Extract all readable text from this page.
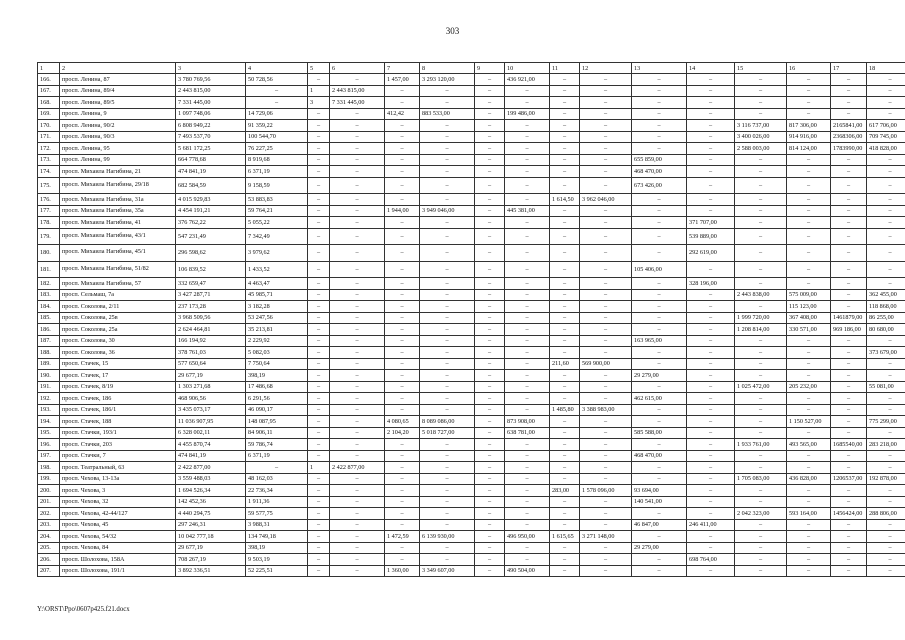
303
1	2	3	4	5	6	7	8	9	10	11	12	13	14	15	16	17	18
166.	просп. Ленина, 87	3 780 769,56	50 728,56	–	–	1 457,00	3 293 120,00	–	436 921,00	–	–	–	–	–	–	–	–
167.	просп. Ленина, 89/4	2 443 815,00	–	1	2 443 815,00	–	–	–	–	–	–	–	–	–	–	–	–
168.	просп. Ленина, 89/5	7 331 445,00	–	3	7 331 445,00	–	–	–	–	–	–	–	–	–	–	–	–
169.	просп. Ленина, 9	1 097 748,06	14 729,06	–	–	412,42	883 533,00	–	199 486,00	–	–	–	–	–	–	–	–
170.	просп. Ленина, 90/2	6 808 949,22	91 359,22	–	–	–	–	–	–	–	–	–	–	3 116 737,00	817 306,00	2165841,00	617 706,00
171.	просп. Ленина, 90/3	7 493 537,70	100 544,70	–	–	–	–	–	–	–	–	–	–	3 400 026,00	914 916,00	2368306,00	709 745,00
172.	просп. Ленина, 95	5 681 172,25	76 227,25	–	–	–	–	–	–	–	–	–	–	2 588 003,00	814 124,00	1783990,00	418 828,00
173.	просп. Ленина, 99	664 778,68	8 919,68	–	–	–	–	–	–	–	–	655 859,00	–	–	–	–	–
174.	просп. Михаила Нагибина, 21	474 841,19	6 371,19	–	–	–	–	–	–	–	–	468 470,00	–	–	–	–	–
175.	просп. Михаила Нагибина, 29/18	682 584,59	9 158,59	–	–	–	–	–	–	–	–	673 426,00	–	–	–	–	–
176.	просп. Михаила Нагибина, 31а	4 015 929,83	53 883,83	–	–	–	–	–	–	1 614,50	3 962 046,00	–	–	–	–	–	–
177.	просп. Михаила Нагибина, 35а	4 454 191,21	59 764,21	–	–	1 944,00	3 949 046,00	–	445 381,00	–	–	–	–	–	–	–	–
178.	просп. Михаила Нагибина, 41	376 762,22	5 055,22	–	–	–	–	–	–	–	–	–	371 707,00	–	–	–	–
179.	просп. Михаила Нагибина, 43/1	547 231,49	7 342,49	–	–	–	–	–	–	–	–	–	539 889,00	–	–	–	–
180.	просп. Михаила Нагибина, 45/1	296 598,62	3 979,62	–	–	–	–	–	–	–	–	–	292 619,00	–	–	–	–
181.	просп. Михаила Нагибина, 51/82	106 839,52	1 433,52	–	–	–	–	–	–	–	–	105 406,00	–	–	–	–	–
182.	просп. Михаила Нагибина, 57	332 659,47	4 463,47	–	–	–	–	–	–	–	–	–	328 196,00	–	–	–	–
183.	просп. Сельмаш, 7а	3 427 287,71	45 985,71	–	–	–	–	–	–	–	–	–	–	2 443 838,00	575 009,00	–	362 455,00
184.	просп. Соколова, 2/11	237 173,28	3 182,28	–	–	–	–	–	–	–	–	–	–	–	115 123,00	–	118 868,00
185.	просп. Соколова, 25в	3 968 509,56	53 247,56	–	–	–	–	–	–	–	–	–	–	1 999 720,00	367 408,00	1461879,00	86 255,00
186.	просп. Соколова, 25а	2 624 464,81	35 213,81	–	–	–	–	–	–	–	–	–	–	1 208 814,00	330 571,00	969 186,00	80 680,00
187.	просп. Соколова, 30	166 194,92	2 229,92	–	–	–	–	–	–	–	–	163 965,00	–	–	–	–	–
188.	просп. Соколова, 36	378 761,03	5 082,03	–	–	–	–	–	–	–	–	–	–	–	–	–	373 679,00
189.	просп. Стачек, 15	577 650,64	7 750,64	–	–	–	–	–	–	211,60	569 900,00	–	–	–	–	–	–
190.	просп. Стачек, 17	29 677,19	398,19	–	–	–	–	–	–	–	–	29 279,00	–	–	–	–	–
191.	просп. Стачек, 8/19	1 303 271,68	17 486,68	–	–	–	–	–	–	–	–	–	–	1 025 472,00	205 232,00	–	55 081,00
192.	просп. Стачек, 186	468 906,56	6 291,56	–	–	–	–	–	–	–	–	462 615,00	–	–	–	–	–
193.	просп. Стачек, 186/1	3 435 073,17	46 090,17	–	–	–	–	–	–	1 485,80	3 388 983,00	–	–	–	–	–	–
194.	просп. Стачек, 188	11 036 907,95	148 087,95	–	–	4 080,65	8 089 086,00	–	873 908,00	–	–	–	–	–	1 150 527,00	–	775 299,00
195.	просп. Стачки, 193/1	6 328 002,11	84 906,11	–	–	2 104,20	5 018 727,00	–	638 781,00	–	–	585 588,00	–	–	–	–	–
196.	просп. Стачки, 203	4 455 870,74	59 786,74	–	–	–	–	–	–	–	–	–	–	1 933 761,00	493 565,00	1685540,00	283 218,00
197.	просп. Стачки, 7	474 841,19	6 371,19	–	–	–	–	–	–	–	–	468 470,00	–	–	–	–	–
198.	просп. Театральный, 63	2 422 877,00	–	1	2 422 877,00	–	–	–	–	–	–	–	–	–	–	–	–
199.	просп. Чехова, 13-13а	3 559 488,03	48 162,03	–	–	–	–	–	–	–	–	–	–	1 705 083,00	436 828,00	1206537,00	192 878,00
200.	просп. Чехова, 3	1 694 526,34	22 736,34	–	–	–	–	–	–	283,00	1 578 096,00	93 694,00	–	–	–	–	–
201.	просп. Чехова, 32	142 452,36	1 911,36	–	–	–	–	–	–	–	–	140 541,00	–	–	–	–	–
202.	просп. Чехова, 42-44/127	4 440 294,75	59 577,75	–	–	–	–	–	–	–	–	–	–	2 042 323,00	593 164,00	1456424,00	288 806,00
203.	просп. Чехова, 45	297 246,31	3 988,31	–	–	–	–	–	–	–	–	46 847,00	246 411,00	–	–	–	–
204.	просп. Чехова, 54/32	10 042 777,18	134 749,18	–	–	1 472,59	6 139 930,00	–	496 950,00	1 615,65	3 271 148,00	–	–	–	–	–	–
205.	просп. Чехова, 84	29 677,19	398,19	–	–	–	–	–	–	–	–	29 279,00	–	–	–	–	–
206.	просп. Шолохова, 158А	708 267,19	9 503,19	–	–	–	–	–	–	–	–	–	698 764,00	–	–	–	–
207.	просп. Шолохова, 191/1	3 892 336,51	52 225,51	–	–	1 360,00	3 349 607,00	–	490 504,00	–	–	–	–	–	–	–	–
Y:\ORST\Ppo\0607p425.f21.docx
